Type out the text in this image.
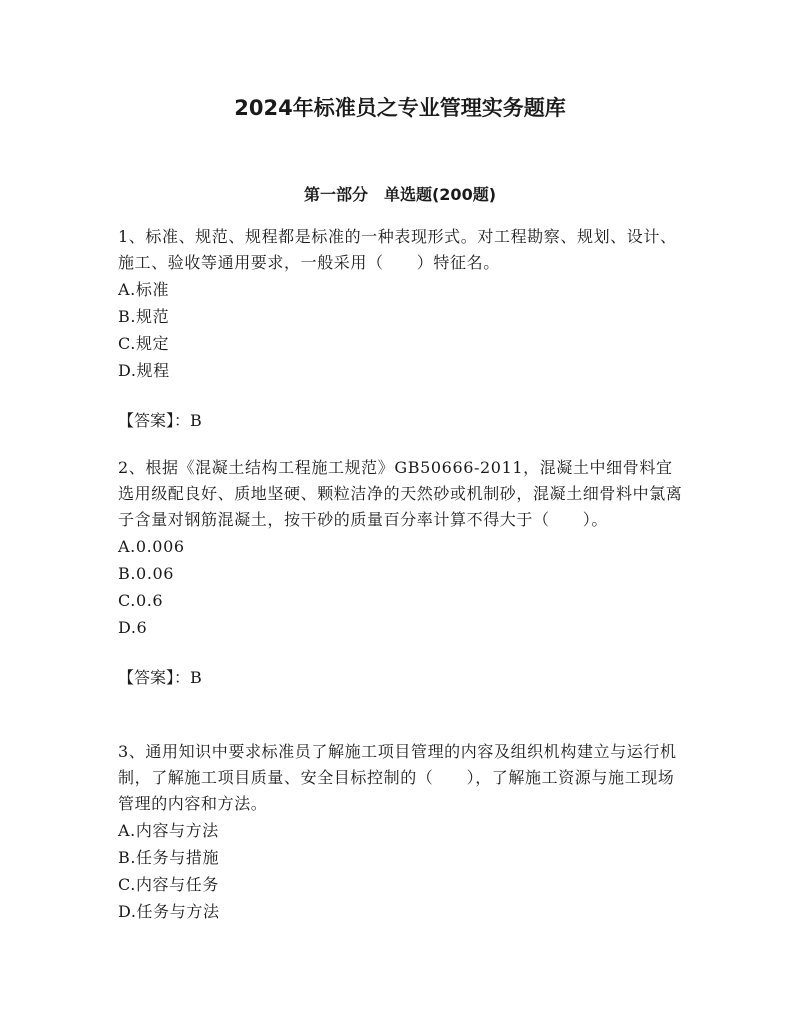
2024年标准员之专业管理实务题库
第一部分　单选题(200题)
1、标准、规范、规程都是标准的一种表现形式。对工程勘察、规划、设计、施工、验收等通用要求，一般采用（　　）特征名。
A.标准
B.规范
C.规定
D.规程
【答案】：B
2、根据《混凝土结构工程施工规范》GB50666-2011，混凝土中细骨料宜选用级配良好、质地坚硬、颗粒洁净的天然砂或机制砂，混凝土细骨料中氯离子含量对钢筋混凝土，按干砂的质量百分率计算不得大于（　　）。
A.0.006
B.0.06
C.0.6
D.6
【答案】：B
3、通用知识中要求标准员了解施工项目管理的内容及组织机构建立与运行机制，了解施工项目质量、安全目标控制的（　　），了解施工资源与施工现场管理的内容和方法。
A.内容与方法
B.任务与措施
C.内容与任务
D.任务与方法
